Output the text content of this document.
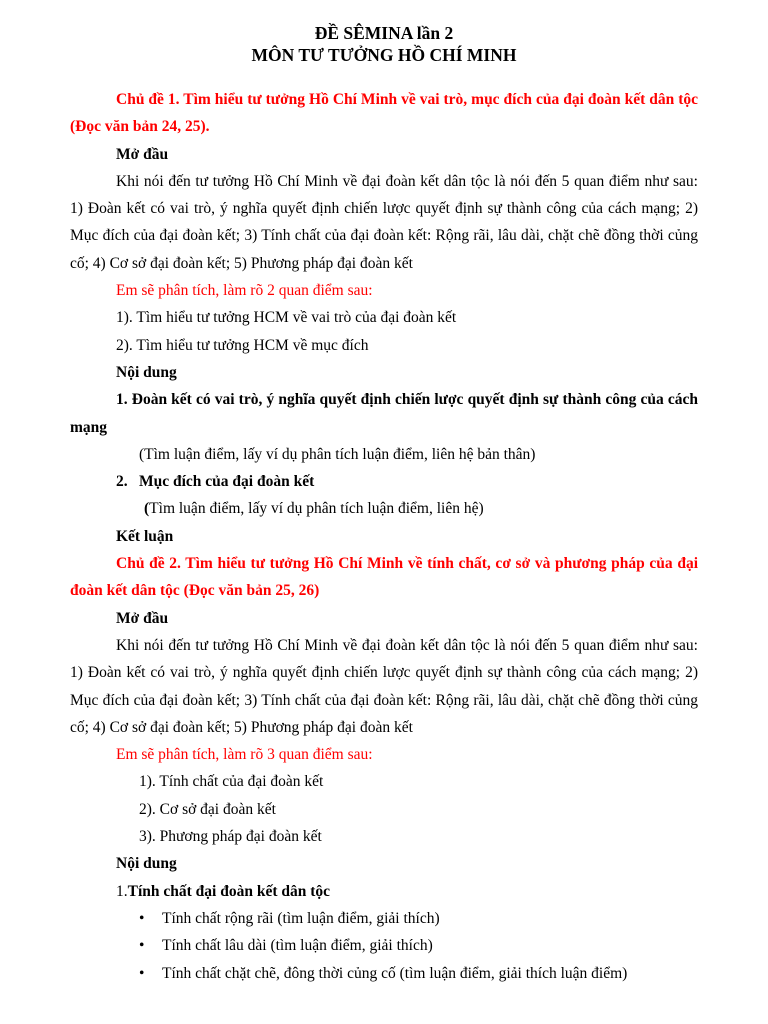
ĐỀ SÊMINA lần 2
MÔN TƯ TƯỞNG HỒ CHÍ MINH
Chủ đề 1. Tìm hiểu tư tưởng Hồ Chí Minh về vai trò, mục đích của đại đoàn kết dân tộc (Đọc văn bản 24, 25).
Mở đầu
Khi nói đến tư tưởng Hồ Chí Minh về đại đoàn kết dân tộc là nói đến 5 quan điểm như sau: 1) Đoàn kết có vai trò, ý nghĩa quyết định chiến lược quyết định sự thành công của cách mạng; 2) Mục đích của đại đoàn kết; 3) Tính chất của đại đoàn kết: Rộng rãi, lâu dài, chặt chẽ đồng thời củng cố; 4) Cơ sở đại đoàn kết; 5) Phương pháp đại đoàn kết
Em sẽ phân tích, làm rõ 2 quan điểm sau:
1). Tìm hiểu tư tưởng HCM về vai trò của đại đoàn kết
2). Tìm hiểu tư tưởng HCM về mục đích
Nội dung
1. Đoàn kết có vai trò, ý nghĩa quyết định chiến lược quyết định sự thành công của cách mạng
(Tìm luận điểm, lấy ví dụ phân tích luận điểm, liên hệ bản thân)
2. Mục đích của đại đoàn kết
(Tìm luận điểm, lấy ví dụ phân tích luận điểm, liên hệ)
Kết luận
Chủ đề 2. Tìm hiểu tư tưởng Hồ Chí Minh về tính chất, cơ sở và phương pháp của đại đoàn kết dân tộc (Đọc văn bản 25, 26)
Mở đầu
Khi nói đến tư tưởng Hồ Chí Minh về đại đoàn kết dân tộc là nói đến 5 quan điểm như sau: 1) Đoàn kết có vai trò, ý nghĩa quyết định chiến lược quyết định sự thành công của cách mạng; 2) Mục đích của đại đoàn kết; 3) Tính chất của đại đoàn kết: Rộng rãi, lâu dài, chặt chẽ đồng thời củng cố; 4) Cơ sở đại đoàn kết; 5) Phương pháp đại đoàn kết
Em sẽ phân tích, làm rõ 3 quan điểm sau:
1). Tính chất của đại đoàn kết
2). Cơ sở đại đoàn kết
3). Phương pháp đại đoàn kết
Nội dung
1.Tính chất đại đoàn kết dân tộc
• Tính chất rộng rãi (tìm luận điểm, giải thích)
• Tính chất lâu dài (tìm luận điểm, giải thích)
• Tính chất chặt chẽ, đông thời củng cố (tìm luận điểm, giải thích luận điểm)
